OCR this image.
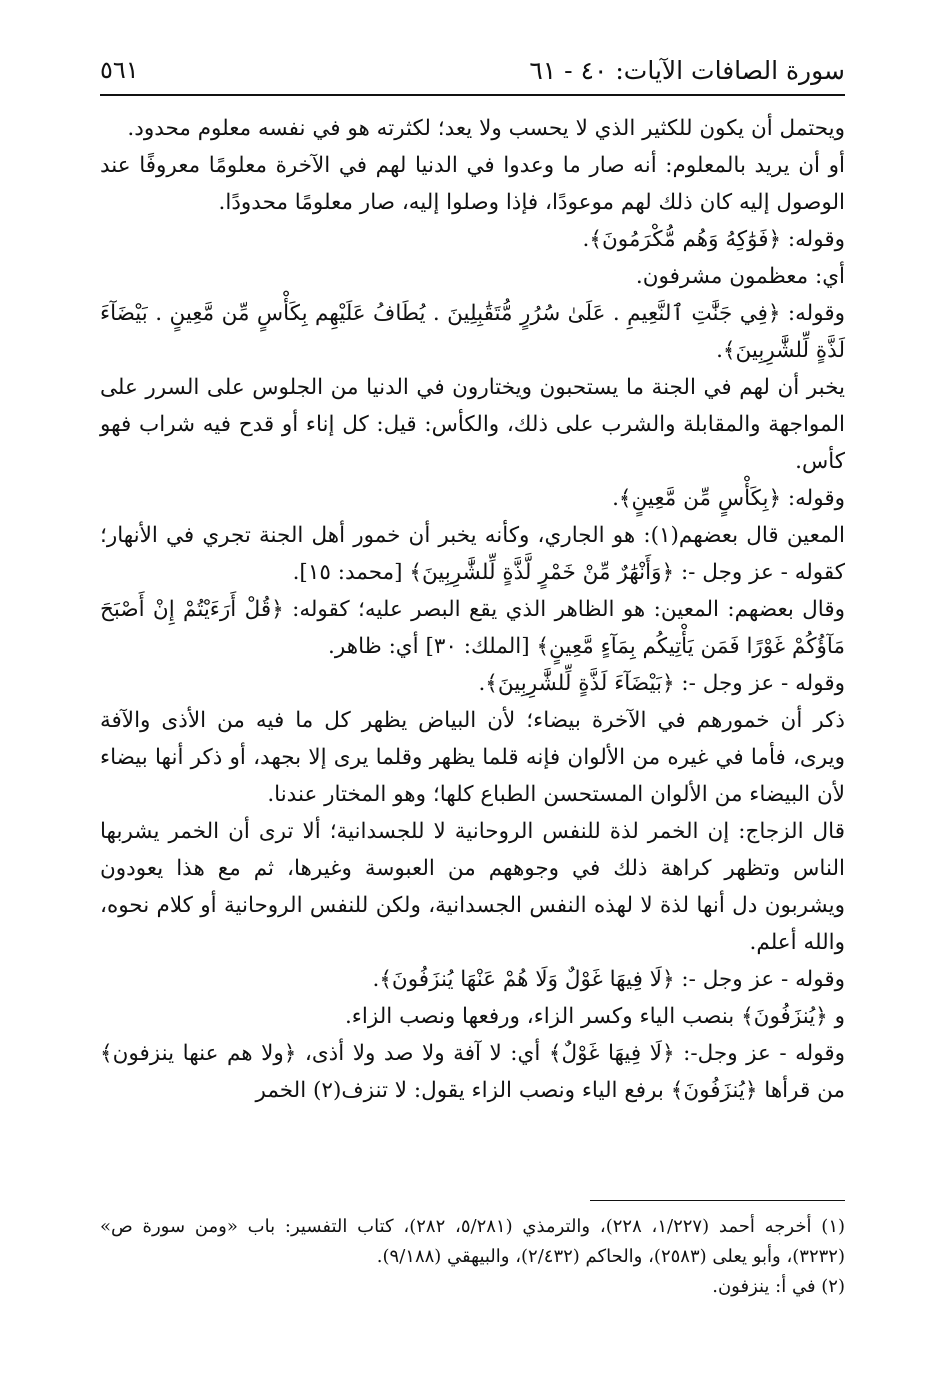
سورة الصافات الآيات: ٤٠ - ٦١
٥٦١

ويحتمل أن يكون للكثير الذي لا يحسب ولا يعد؛ لكثرته هو في نفسه معلوم محدود.

أو أن يريد بالمعلوم: أنه صار ما وعدوا في الدنيا لهم في الآخرة معلومًا معروفًا عند الوصول إليه كان ذلك لهم موعودًا، فإذا وصلوا إليه، صار معلومًا محدودًا.

وقوله: ﴿فَوَٰكِهُ وَهُم مُّكْرَمُونَ﴾.

أي: معظمون مشرفون.

وقوله: ﴿فِي جَنَّٰتِ ٱلنَّعِيمِ . عَلَىٰ سُرُرٍ مُّتَقَٰبِلِينَ . يُطَافُ عَلَيْهِم بِكَأْسٍ مِّن مَّعِينٍ . بَيْضَآءَ لَذَّةٍ لِّلشَّٰرِبِينَ﴾.

يخبر أن لهم في الجنة ما يستحبون ويختارون في الدنيا من الجلوس على السرر على المواجهة والمقابلة والشرب على ذلك، والكأس: قيل: كل إناء أو قدح فيه شراب فهو كأس.

وقوله: ﴿بِكَأْسٍ مِّن مَّعِينٍ﴾.

المعين قال بعضهم(١): هو الجاري، وكأنه يخبر أن خمور أهل الجنة تجري في الأنهار؛ كقوله - عز وجل -: ﴿وَأَنْهَٰرٌ مِّنْ خَمْرٍ لَّذَّةٍ لِّلشَّٰرِبِينَ﴾ [محمد: ١٥].

وقال بعضهم: المعين: هو الظاهر الذي يقع البصر عليه؛ كقوله: ﴿قُلْ أَرَءَيْتُمْ إِنْ أَصْبَحَ مَآؤُكُمْ غَوْرًا فَمَن يَأْتِيكُم بِمَآءٍ مَّعِينٍ﴾ [الملك: ٣٠] أي: ظاهر.

وقوله - عز وجل -: ﴿بَيْضَآءَ لَذَّةٍ لِّلشَّٰرِبِينَ﴾.

ذكر أن خمورهم في الآخرة بيضاء؛ لأن البياض يظهر كل ما فيه من الأذى والآفة ويرى، فأما في غيره من الألوان فإنه قلما يظهر وقلما يرى إلا بجهد، أو ذكر أنها بيضاء لأن البيضاء من الألوان المستحسن الطباع كلها؛ وهو المختار عندنا.

قال الزجاج: إن الخمر لذة للنفس الروحانية لا للجسدانية؛ ألا ترى أن الخمر يشربها الناس وتظهر كراهة ذلك في وجوههم من العبوسة وغيرها، ثم مع هذا يعودون ويشربون دل أنها لذة لا لهذه النفس الجسدانية، ولكن للنفس الروحانية أو كلام نحوه، والله أعلم.

وقوله - عز وجل -: ﴿لَا فِيهَا غَوْلٌ وَلَا هُمْ عَنْهَا يُنزَفُونَ﴾.

و ﴿يُنزَفُونَ﴾ بنصب الياء وكسر الزاء، ورفعها ونصب الزاء.

وقوله - عز وجل-: ﴿لَا فِيهَا غَوْلٌ﴾ أي: لا آفة ولا صد ولا أذى، ﴿ولا هم عنها ينزفون﴾ من قرأها ﴿يُنزَفُونَ﴾ برفع الياء ونصب الزاء يقول: لا تنزف(٢) الخمر

(١) أخرجه أحمد (١/٢٢٧، ٢٢٨)، والترمذي (٥/٢٨١، ٢٨٢)، كتاب التفسير: باب «ومن سورة ص» (٣٢٣٢)، وأبو يعلى (٢٥٨٣)، والحاكم (٢/٤٣٢)، والبيهقي (٩/١٨٨).

(٢) في أ: ينزفون.
